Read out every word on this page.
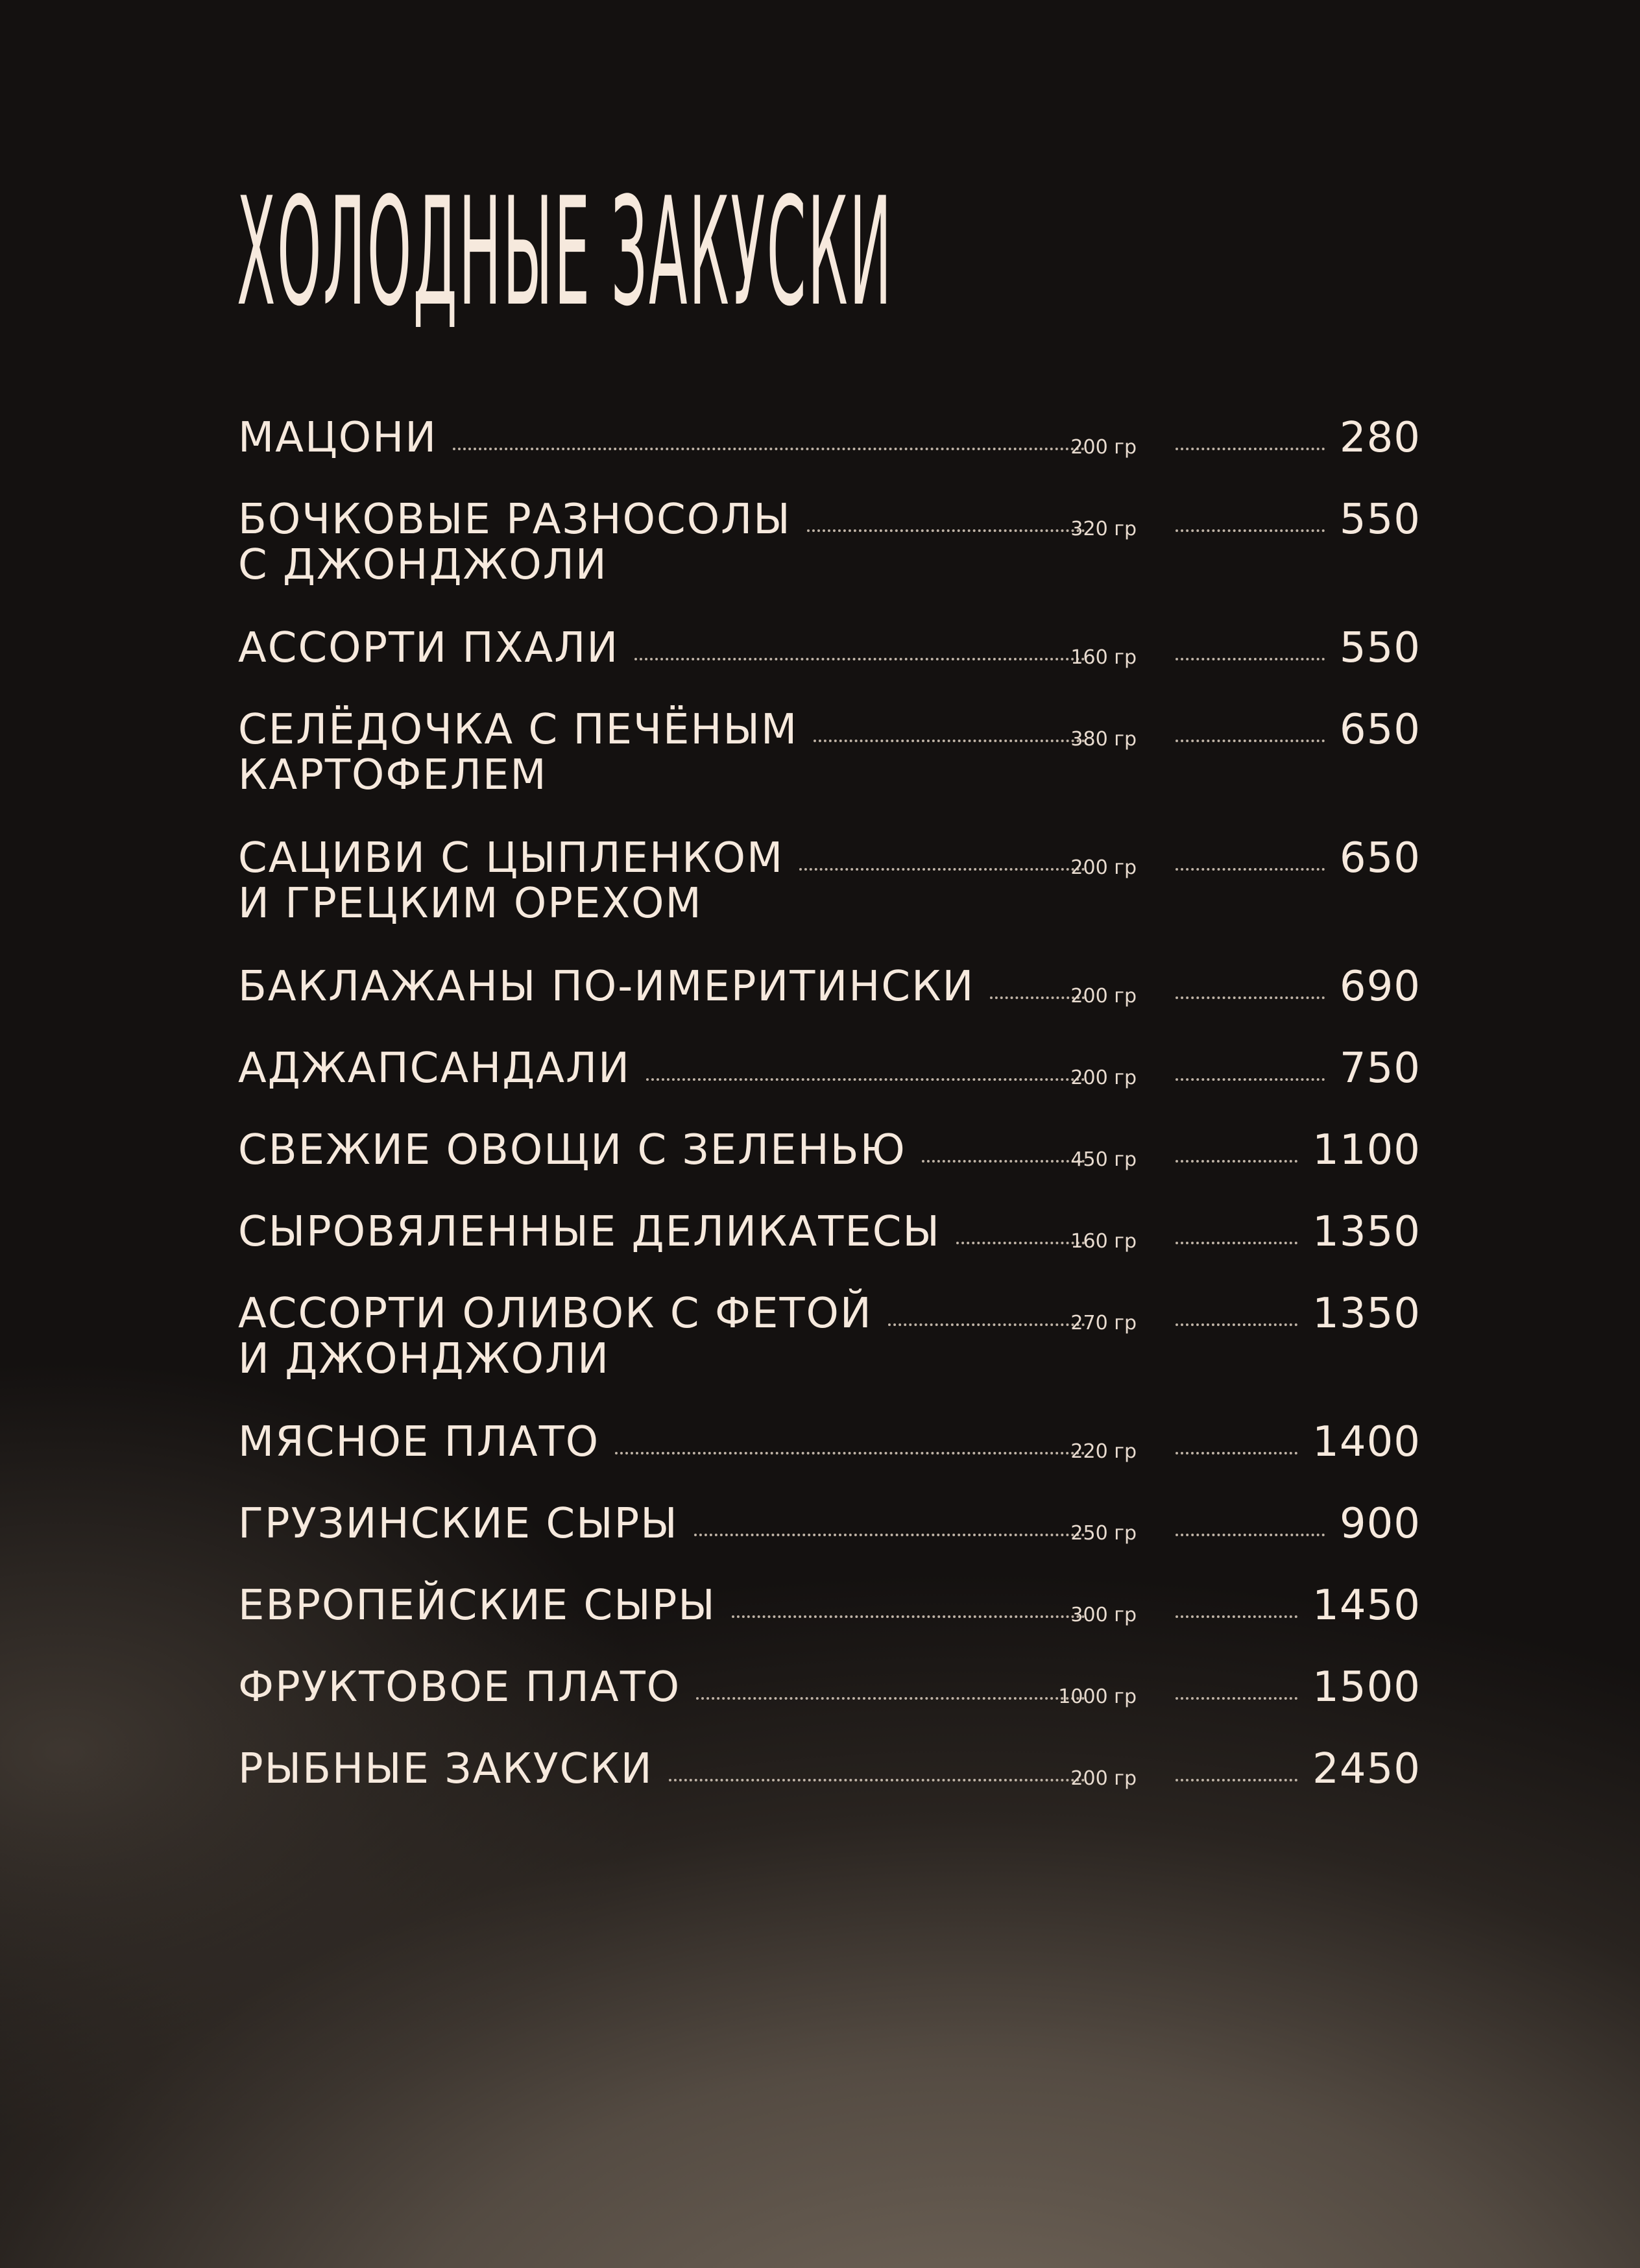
ХОЛОДНЫЕ ЗАКУСКИ
МАЦОНИ	200 гр	280
БОЧКОВЫЕ РАЗНОСОЛЫ
С ДЖОНДЖОЛИ
320 гр	550
АССОРТИ ПХАЛИ	160 гр	550
СЕЛЁДОЧКА С ПЕЧЁНЫМ
КАРТОФЕЛЕМ
380 гр	650
САЦИВИ С ЦЫПЛЕНКОМ
И ГРЕЦКИМ ОРЕХОМ
200 гр	650
БАКЛАЖАНЫ ПО-ИМЕРИТИНСКИ	200 гр	690
АДЖАПСАНДАЛИ	200 гр	750
СВЕЖИЕ ОВОЩИ С ЗЕЛЕНЬЮ	450 гр	1100
СЫРОВЯЛЕННЫЕ ДЕЛИКАТЕСЫ	160 гр	1350
АССОРТИ ОЛИВОК С ФЕТОЙ
И ДЖОНДЖОЛИ
270 гр	1350
МЯСНОЕ ПЛАТО	220 гр	1400
ГРУЗИНСКИЕ СЫРЫ	250 гр	900
ЕВРОПЕЙСКИЕ СЫРЫ	300 гр	1450
ФРУКТОВОЕ ПЛАТО	1000 гр	1500
РЫБНЫЕ ЗАКУСКИ	200 гр	2450
